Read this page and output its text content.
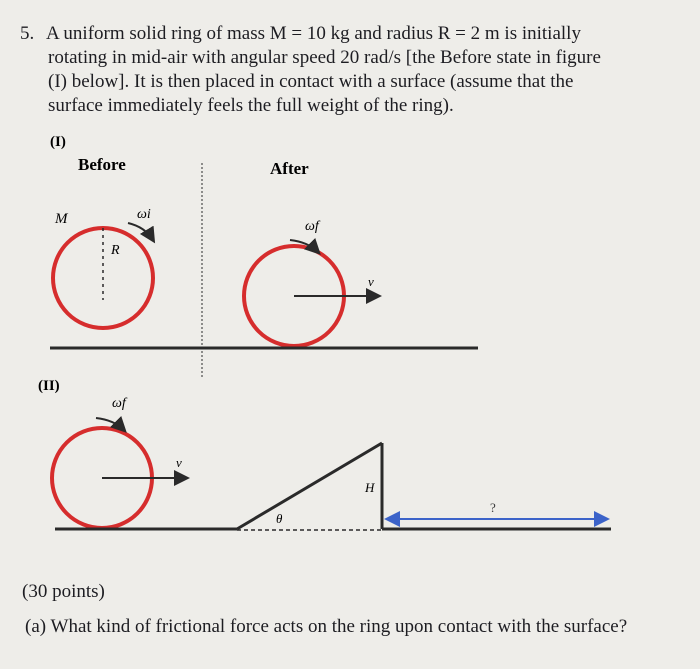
5. A uniform solid ring of mass M = 10 kg and radius R = 2 m is initially
rotating in mid-air with angular speed 20 rad/s [the Before state in figure
(I) below]. It is then placed in contact with a surface (assume that the
surface immediately feels the full weight of the ring).

(I)
Before	After
M
R
ωi
v
ωf
(II)
v
ωf
θ
H
?
(30 points)
(a) What kind of frictional force acts on the ring upon contact with the surface?
